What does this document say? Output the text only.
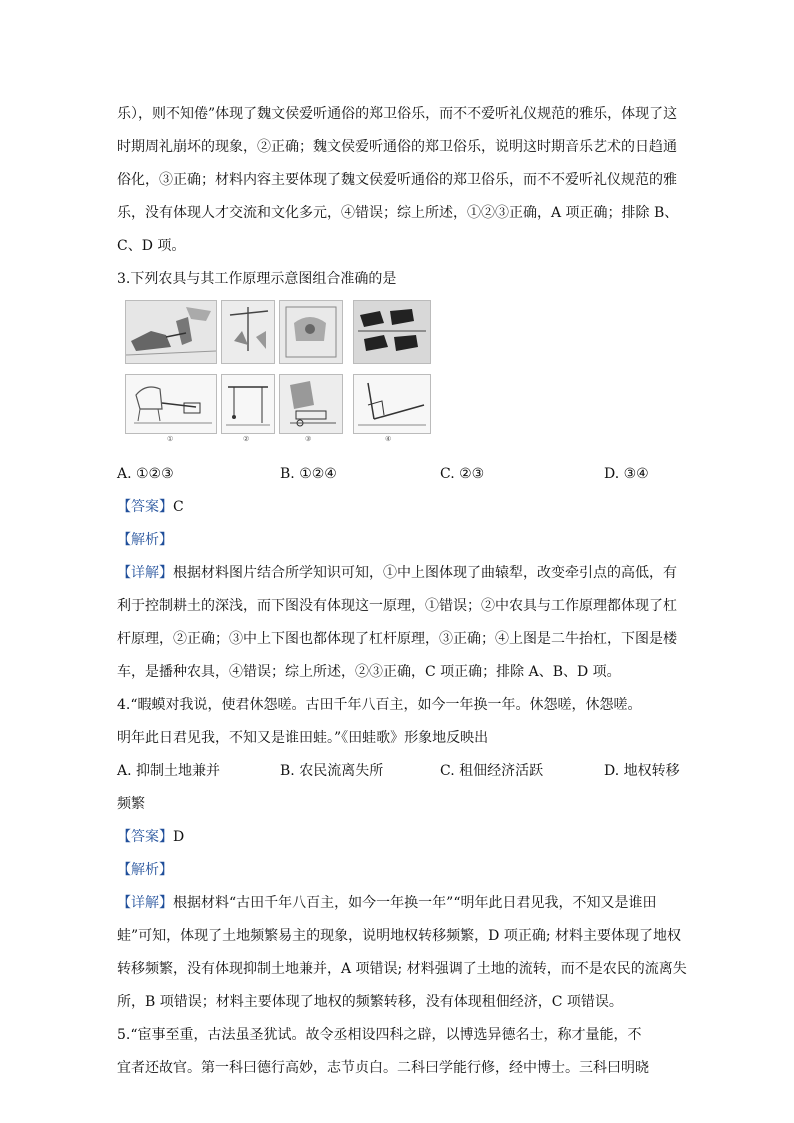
乐），则不知倦”体现了魏文侯爱听通俗的郑卫俗乐，而不不爱听礼仪规范的雅乐，体现了这
时期周礼崩坏的现象，②正确；魏文侯爱听通俗的郑卫俗乐，说明这时期音乐艺术的日趋通
俗化，③正确；材料内容主要体现了魏文侯爱听通俗的郑卫俗乐，而不不爱听礼仪规范的雅
乐，没有体现人才交流和文化多元，④错误；综上所述，①②③正确，A 项正确；排除 B、
C、D 项。
3.下列农具与其工作原理示意图组合准确的是
①	②	③	④
A. ①②③	B. ①②④	C. ②③	D. ③④
【答案】C
【解析】
【详解】根据材料图片结合所学知识可知，①中上图体现了曲辕犁，改变牵引点的高低，有
利于控制耕土的深浅，而下图没有体现这一原理，①错误；②中农具与工作原理都体现了杠
杆原理，②正确；③中上下图也都体现了杠杆原理，③正确；④上图是二牛抬杠，下图是楼
车，是播种农具，④错误；综上所述，②③正确，C 项正确；排除 A、B、D 项。
4.“暇蟆对我说，使君休怨嗟。古田千年八百主，如今一年换一年。休怨嗟，休怨嗟。
明年此日君见我，不知又是谁田蛙。”《田蛙歌》形象地反映出
A. 抑制土地兼并	B. 农民流离失所	C. 租佃经济活跃	D. 地权转移
频繁
【答案】D
【解析】
【详解】根据材料“古田千年八百主，如今一年换一年”“明年此日君见我，不知又是谁田
蛙”可知，体现了土地频繁易主的现象，说明地权转移频繁，D 项正确; 材料主要体现了地权
转移频繁，没有体现抑制土地兼并，A 项错误; 材料强调了土地的流转，而不是农民的流离失
所，B 项错误；材料主要体现了地权的频繁转移，没有体现租佃经济，C 项错误。
5.“宦事至重，古法虽圣犹试。故令丞相设四科之辟，以博选异德名士，称才量能，不
宜者还故官。第一科曰德行高妙，志节贞白。二科曰学能行修，经中博士。三科曰明晓
